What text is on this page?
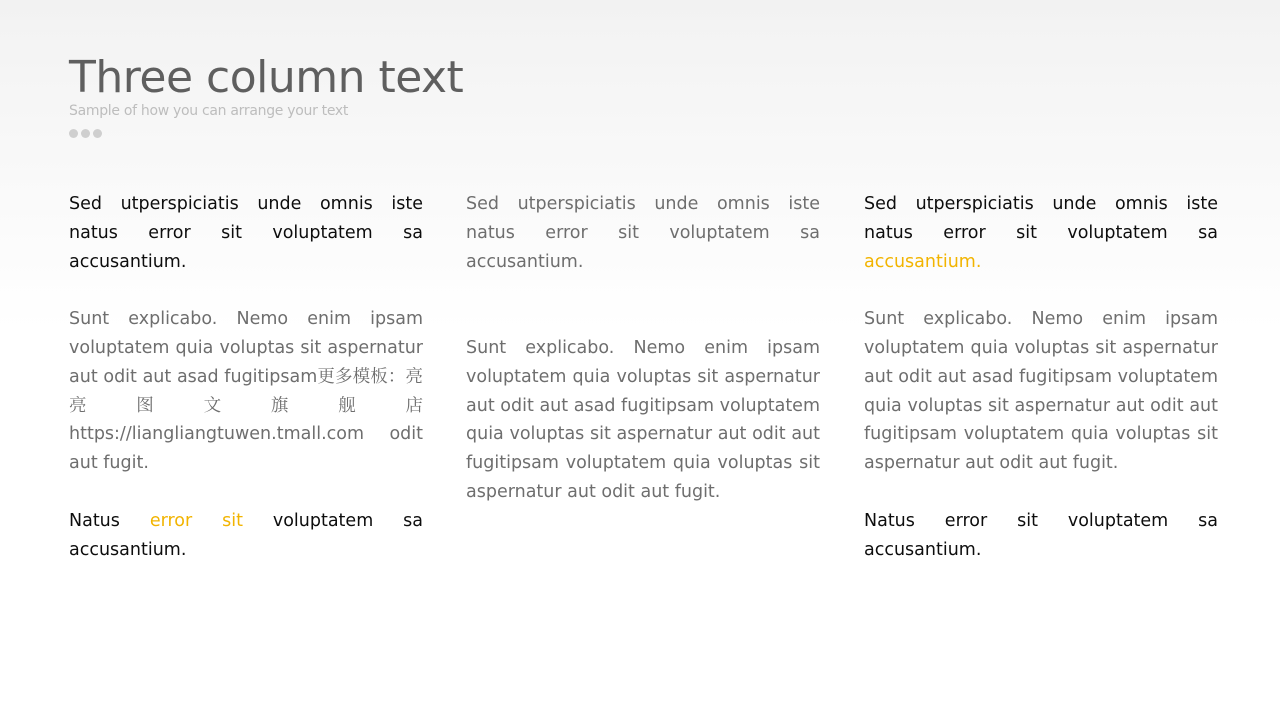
Three column text
Sample of how you can arrange your text

Sed utperspiciatis unde omnis iste natus error sit voluptatem sa accusantium.

Sunt explicabo. Nemo enim ipsam voluptatem quia voluptas sit aspernatur aut odit aut asad fugitipsam更多模板：亮亮图文旗舰店https://liangliangtuwen.tmall.com odit aut fugit.

Natus error sit voluptatem sa accusantium.

Sed utperspiciatis unde omnis iste natus error sit voluptatem sa accusantium.

Sunt explicabo. Nemo enim ipsam voluptatem quia voluptas sit aspernatur aut odit aut asad fugitipsam voluptatem quia voluptas sit aspernatur aut odit aut fugitipsam voluptatem quia voluptas sit aspernatur aut odit aut fugit.

Sed utperspiciatis unde omnis iste natus error sit voluptatem sa accusantium.

Sunt explicabo. Nemo enim ipsam voluptatem quia voluptas sit aspernatur aut odit aut asad fugitipsam voluptatem quia voluptas sit aspernatur aut odit aut fugitipsam voluptatem quia voluptas sit aspernatur aut odit aut fugit.

Natus error sit voluptatem sa accusantium.
